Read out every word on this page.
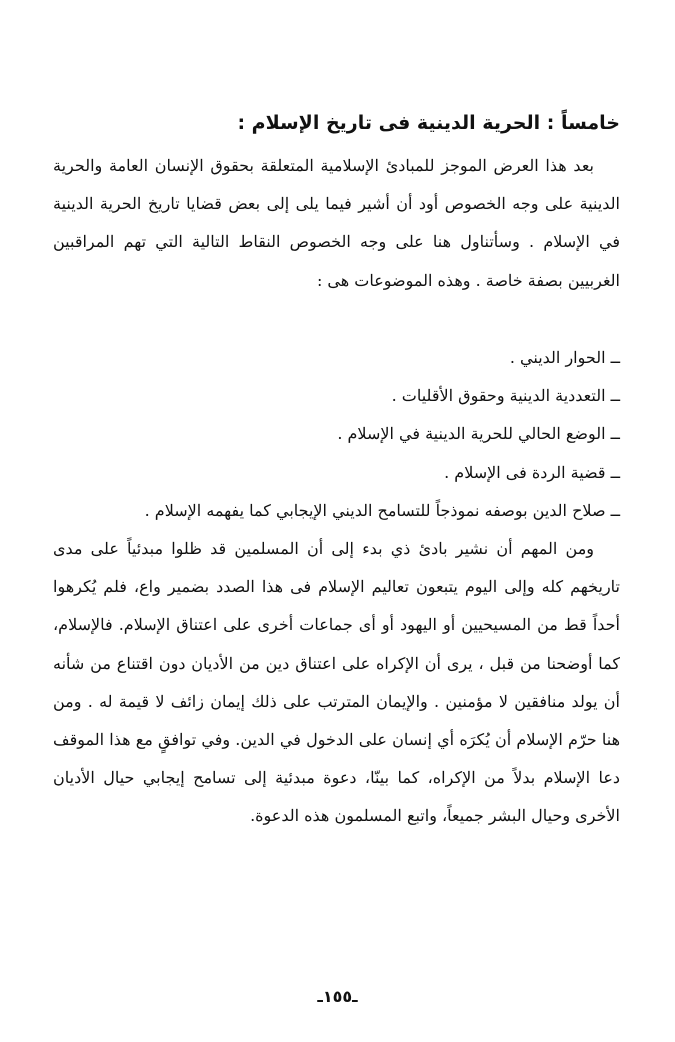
خامساً : الحرية الدينية فى تاريخ الإسلام :
بعد هذا العرض الموجز للمبادئ الإسلامية المتعلقة بحقوق الإنسان العامة والحرية الدينية على وجه الخصوص أود أن أشير فيما يلى إلى بعض قضايا تاريخ الحرية الدينية في الإسلام . وسأتناول هنا على وجه الخصوص النقاط التالية التي تهم المراقبين الغربيين بصفة خاصة . وهذه الموضوعات هى :
ــ الحوار الديني .
ــ التعددية الدينية وحقوق الأقليات .
ــ الوضع الحالي للحرية الدينية في الإسلام .
ــ قضية الردة فى الإسلام .
ــ صلاح الدين بوصفه نموذجاً للتسامح الديني الإيجابي كما يفهمه الإسلام .
ومن المهم أن نشير بادئ ذي بدء إلى أن المسلمين قد ظلوا مبدئياً على مدى تاريخهم كله وإلى اليوم يتبعون تعاليم الإسلام فى هذا الصدد بضمير واع، فلم يُكرهوا أحداً قط من المسيحيين أو اليهود أو أى جماعات أخرى على اعتناق الإسلام. فالإسلام، كما أوضحنا من قبل ، يرى أن الإكراه على اعتناق دين من الأديان دون اقتناع من شأنه أن يولد منافقين لا مؤمنين . والإيمان المترتب على ذلك إيمان زائف لا قيمة له . ومن هنا حرّم الإسلام أن يُكرَه أي إنسان على الدخول في الدين. وفي توافقٍ مع هذا الموقف دعا الإسلام بدلاً من الإكراه، كما بينّا، دعوة مبدئية إلى تسامح إيجابي حيال الأديان الأخرى وحيال البشر جميعاً، واتبع المسلمون هذه الدعوة.
ـ١٥٥ـ
